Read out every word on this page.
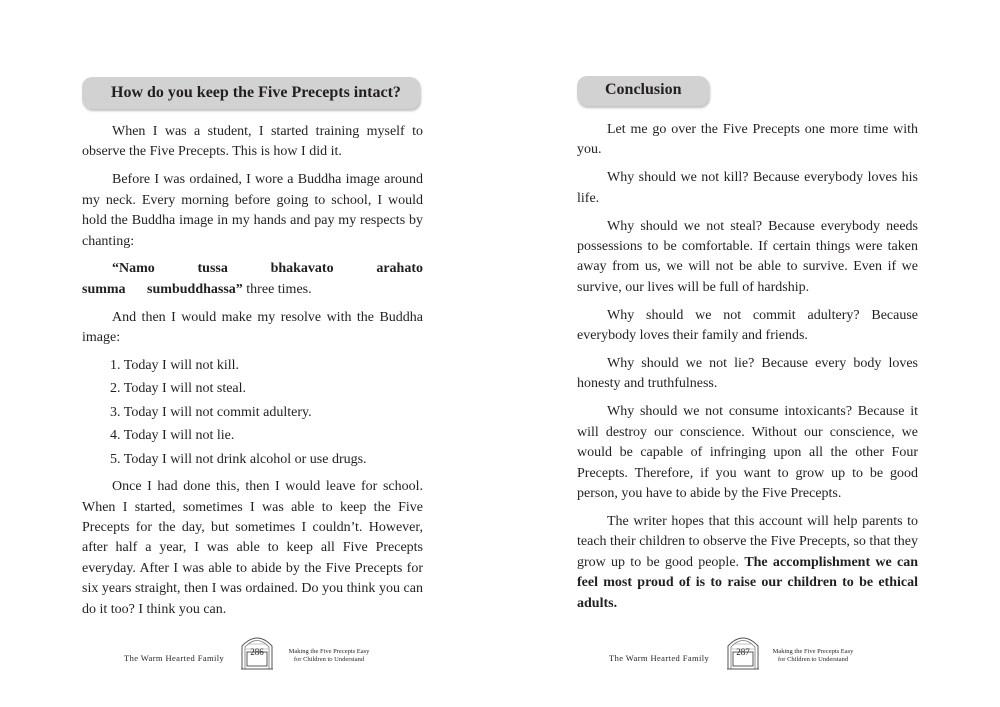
How do you keep the Five Precepts intact?

When I was a student, I started training myself to observe the Five Precepts. This is how I did it.

Before I was ordained, I wore a Buddha image around my neck. Every morning before going to school, I would hold the Buddha image in my hands and pay my respects by chanting:

“Namo tussa bhakavato arahato summa sumbuddhassa” three times.

And then I would make my resolve with the Buddha image:

1. Today I will not kill.
2. Today I will not steal.
3. Today I will not commit adultery.
4. Today I will not lie.
5. Today I will not drink alcohol or use drugs.

Once I had done this, then I would leave for school. When I started, sometimes I was able to keep the Five Precepts for the day, but sometimes I couldn’t. However, after half a year, I was able to keep all Five Precepts everyday. After I was able to abide by the Five Precepts for six years straight, then I was ordained. Do you think you can do it too? I think you can.

The Warm Hearted Family
286	Making the Five Precepts Easy
for Children to Understand
Conclusion

Let me go over the Five Precepts one more time with you.

Why should we not kill? Because everybody loves his life.

Why should we not steal? Because everybody needs possessions to be comfortable. If certain things were taken away from us, we will not be able to survive. Even if we survive, our lives will be full of hardship.

Why should we not commit adultery? Because everybody loves their family and friends.

Why should we not lie? Because every body loves honesty and truthfulness.

Why should we not consume intoxicants? Because it will destroy our conscience. Without our conscience, we would be capable of infringing upon all the other Four Precepts. Therefore, if you want to grow up to be good person, you have to abide by the Five Precepts.

The writer hopes that this account will help parents to teach their children to observe the Five Precepts, so that they grow up to be good people. The accomplishment we can feel most proud of is to raise our children to be ethical adults.

The Warm Hearted Family
287	Making the Five Precepts Easy
for Children to Understand
